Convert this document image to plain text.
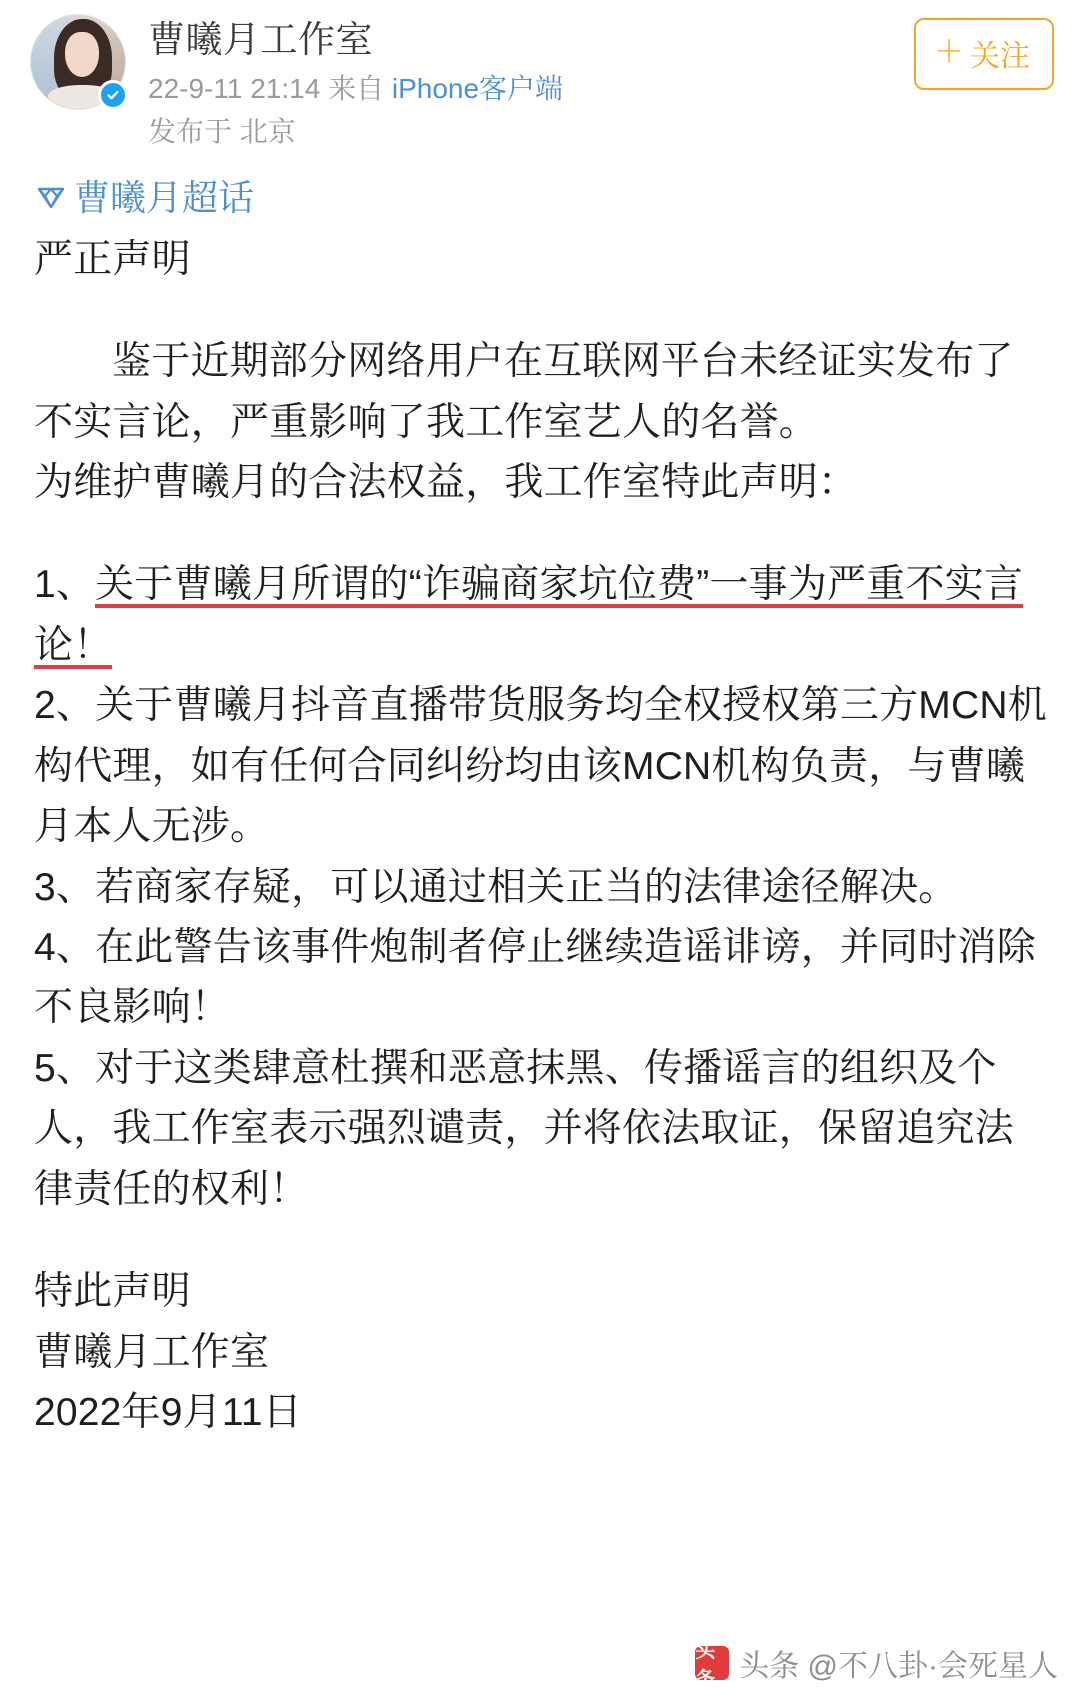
曹曦月工作室
22-9-11 21:14 来自 iPhone客户端
发布于 北京
＋ 关注
曹曦月超话

严正声明

鉴于近期部分网络用户在互联网平台未经证实发布了不实言论，严重影响了我工作室艺人的名誉。

为维护曹曦月的合法权益，我工作室特此声明：

1、关于曹曦月所谓的“诈骗商家坑位费”一事为严重不实言论！

2、关于曹曦月抖音直播带货服务均全权授权第三方MCN机构代理，如有任何合同纠纷均由该MCN机构负责，与曹曦月本人无涉。

3、若商家存疑，可以通过相关正当的法律途径解决。

4、在此警告该事件炮制者停止继续造谣诽谤，并同时消除不良影响！

5、对于这类肆意杜撰和恶意抹黑、传播谣言的组织及个人，我工作室表示强烈谴责，并将依法取证，保留追究法律责任的权利！

特此声明

曹曦月工作室

2022年9月11日

头条 头条 @不八卦·会死星人
